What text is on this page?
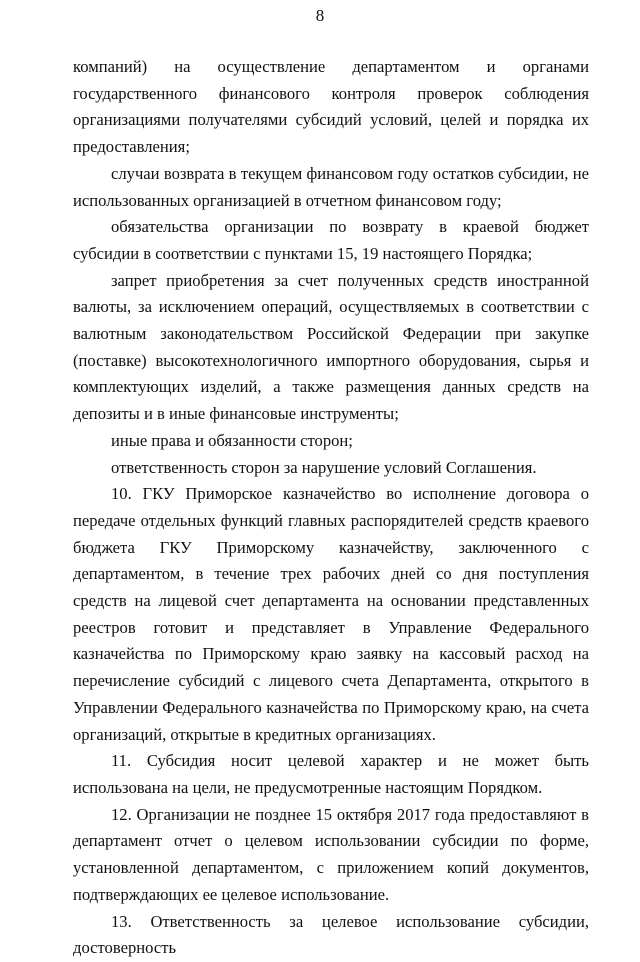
8

компаний) на осуществление департаментом и органами государственного финансового контроля проверок соблюдения организациями получателями субсидий условий, целей и порядка их предоставления;

случаи возврата в текущем финансовом году остатков субсидии, не использованных организацией в отчетном финансовом году;

обязательства организации по возврату в краевой бюджет субсидии в соответствии с пунктами 15, 19 настоящего Порядка;

запрет приобретения за счет полученных средств иностранной валюты, за исключением операций, осуществляемых в соответствии с валютным законодательством Российской Федерации при закупке (поставке) высокотехнологичного импортного оборудования, сырья и комплектующих изделий, а также размещения данных средств на депозиты и в иные финансовые инструменты;

иные права и обязанности сторон;

ответственность сторон за нарушение условий Соглашения.

10. ГКУ Приморское казначейство во исполнение договора о передаче отдельных функций главных распорядителей средств краевого бюджета ГКУ Приморскому казначейству, заключенного с департаментом, в течение трех рабочих дней со дня поступления средств на лицевой счет департамента на основании представленных реестров готовит и представляет в Управление Федерального казначейства по Приморскому краю заявку на кассовый расход на перечисление субсидий с лицевого счета Департамента, открытого в Управлении Федерального казначейства по Приморскому краю, на счета организаций, открытые в кредитных организациях.

11. Субсидия носит целевой характер и не может быть использована на цели, не предусмотренные настоящим Порядком.

12. Организации не позднее 15 октября 2017 года предоставляют в департамент отчет о целевом использовании субсидии по форме, установленной департаментом, с приложением копий документов, подтверждающих ее целевое использование.

13. Ответственность за целевое использование субсидии, достоверность
